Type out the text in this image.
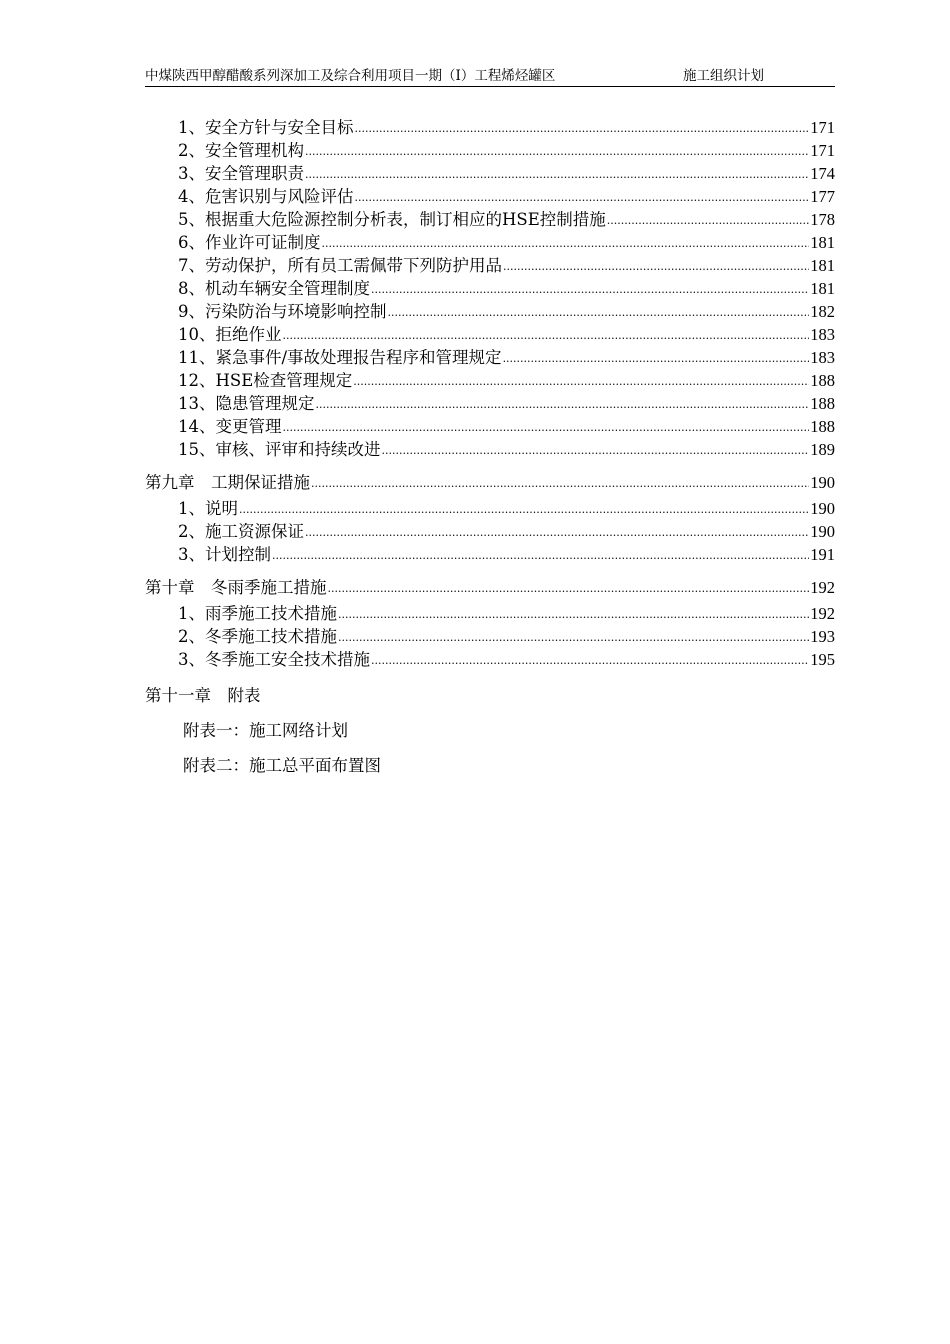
中煤陕西甲醇醋酸系列深加工及综合利用项目一期（Ⅰ）工程烯烃罐区	施工组织计划
1、安全方针与安全目标 .....	171
2、安全管理机构 .....	171
3、安全管理职责 .....	174
4、危害识别与风险评估 .....	177
5、根据重大危险源控制分析表，制订相应的HSE控制措施 .....	178
6、作业许可证制度 .....	181
7、劳动保护，所有员工需佩带下列防护用品 .....	181
8、机动车辆安全管理制度 .....	181
9、污染防治与环境影响控制 .....	182
10、拒绝作业 .....	183
11、紧急事件/事故处理报告程序和管理规定 .....	183
12、HSE检查管理规定 .....	188
13、隐患管理规定 .....	188
14、变更管理 .....	188
15、审核、评审和持续改进 .....	189
第九章　工期保证措施 .....	190
1、说明 .....	190
2、施工资源保证 .....	190
3、计划控制 .....	191
第十章　冬雨季施工措施 .....	192
1、雨季施工技术措施 .....	192
2、冬季施工技术措施 .....	193
3、冬季施工安全技术措施 .....	195
第十一章　附表
附表一：施工网络计划
附表二：施工总平面布置图
